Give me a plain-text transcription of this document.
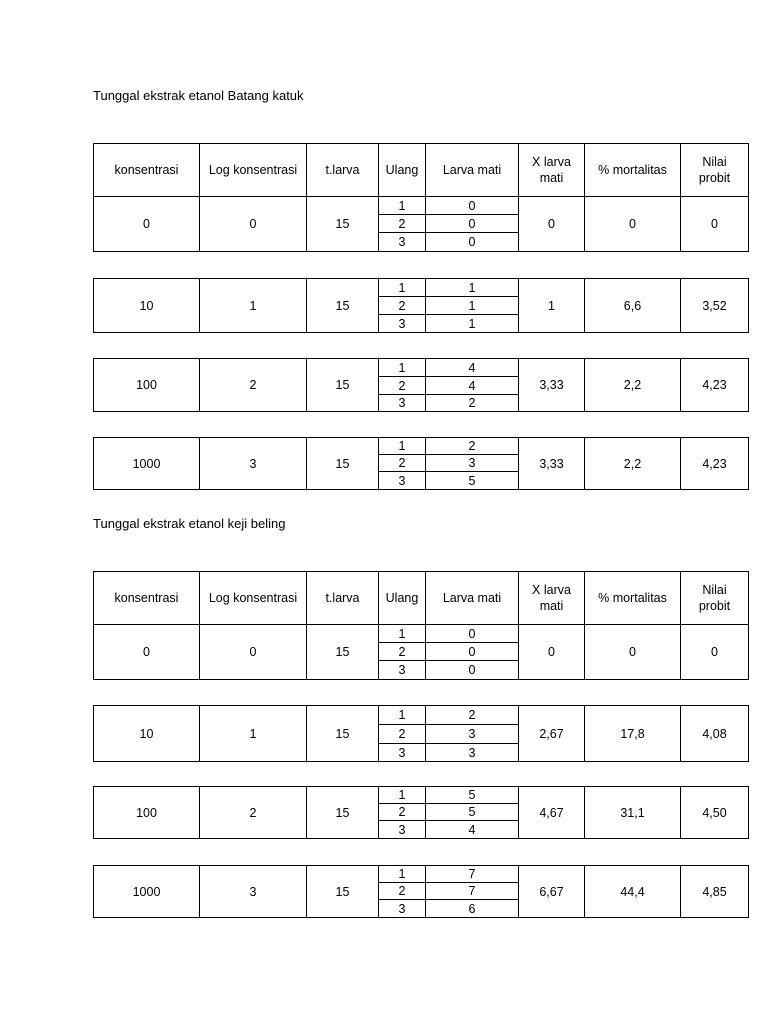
Tunggal ekstrak etanol Batang katuk
konsentrasi	Log konsentrasi	t.larva	Ulang	Larva mati	X larva
mati	% mortalitas	Nilai
probit
0	0	15	1	0	0	0	0
			2	0			
			3	0			
10	1	15	1	1	1	6,6	3,52
			2	1			
			3	1			
100	2	15	1	4	3,33	2,2	4,23
			2	4			
			3	2			
1000	3	15	1	2	3,33	2,2	4,23
			2	3			
			3	5			
Tunggal ekstrak etanol keji beling
konsentrasi	Log konsentrasi	t.larva	Ulang	Larva mati	X larva
mati	% mortalitas	Nilai
probit
0	0	15	1	0	0	0	0
			2	0			
			3	0			
10	1	15	1	2	2,67	17,8	4,08
			2	3			
			3	3			
100	2	15	1	5	4,67	31,1	4,50
			2	5			
			3	4			
1000	3	15	1	7	6,67	44,4	4,85
			2	7			
			3	6			
